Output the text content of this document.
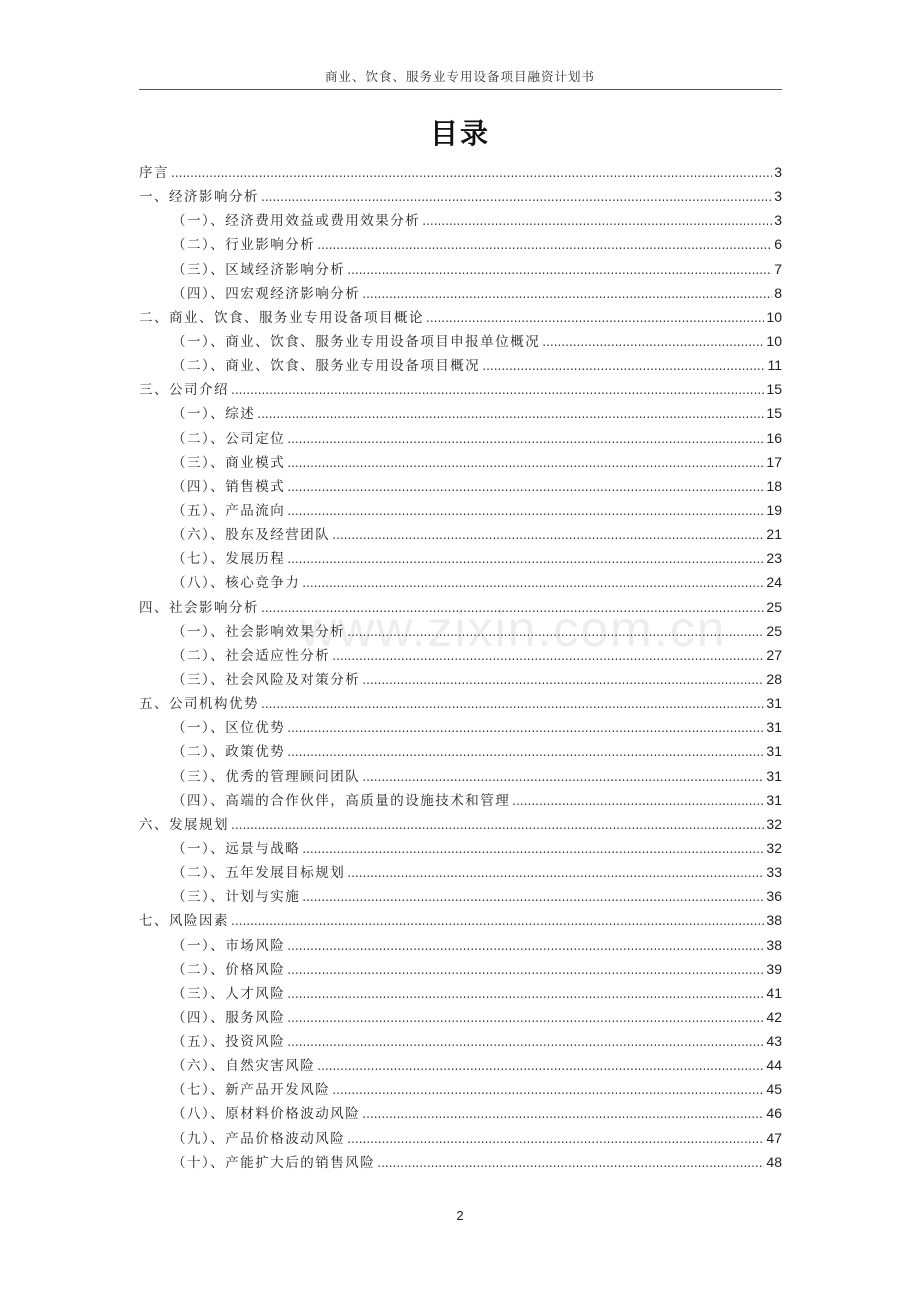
商业、饮食、服务业专用设备项目融资计划书
目录
www.zixin.com.cn
序言 .....	3
一、经济影响分析 .....	3
（一）、经济费用效益或费用效果分析 .....	3
（二）、行业影响分析 .....	6
（三）、区域经济影响分析 .....	7
（四）、四宏观经济影响分析 .....	8
二、商业、饮食、服务业专用设备项目概论 .....	10
（一）、商业、饮食、服务业专用设备项目申报单位概况 .....	10
（二）、商业、饮食、服务业专用设备项目概况 .....	11
三、公司介绍 .....	15
（一）、综述 .....	15
（二）、公司定位 .....	16
（三）、商业模式 .....	17
（四）、销售模式 .....	18
（五）、产品流向 .....	19
（六）、股东及经营团队 .....	21
（七）、发展历程 .....	23
（八）、核心竞争力 .....	24
四、社会影响分析 .....	25
（一）、社会影响效果分析 .....	25
（二）、社会适应性分析 .....	27
（三）、社会风险及对策分析 .....	28
五、公司机构优势 .....	31
（一）、区位优势 .....	31
（二）、政策优势 .....	31
（三）、优秀的管理顾问团队 .....	31
（四）、高端的合作伙伴，高质量的设施技术和管理 .....	31
六、发展规划 .....	32
（一）、远景与战略 .....	32
（二）、五年发展目标规划 .....	33
（三）、计划与实施 .....	36
七、风险因素 .....	38
（一）、市场风险 .....	38
（二）、价格风险 .....	39
（三）、人才风险 .....	41
（四）、服务风险 .....	42
（五）、投资风险 .....	43
（六）、自然灾害风险 .....	44
（七）、新产品开发风险 .....	45
（八）、原材料价格波动风险 .....	46
（九）、产品价格波动风险 .....	47
（十）、产能扩大后的销售风险 .....	48
2
